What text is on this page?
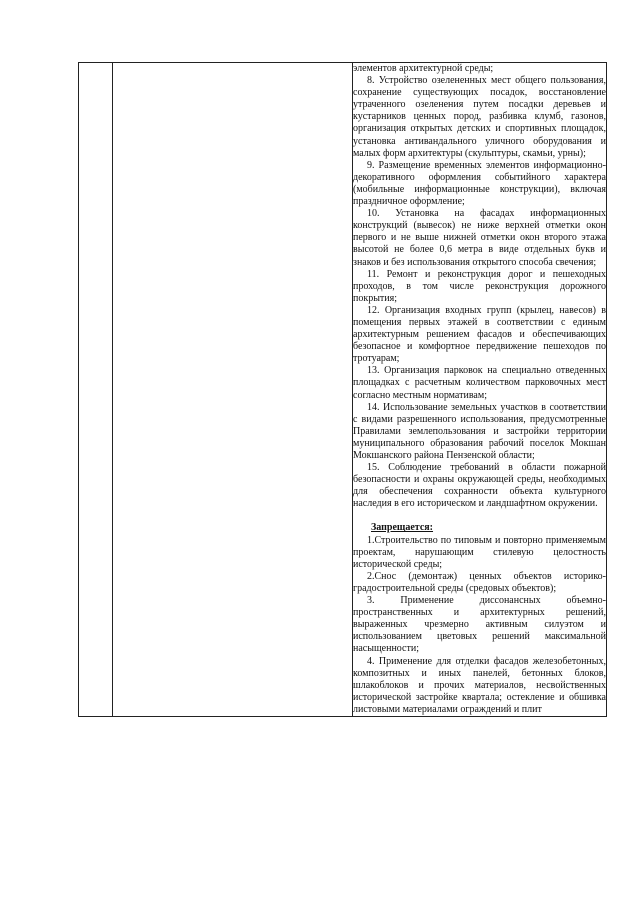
элементов архитектурной среды;

8. Устройство озелененных мест общего пользования, сохранение существующих посадок, восстановление утраченного озеленения путем посадки деревьев и кустарников ценных пород, разбивка клумб, газонов, организация открытых детских и спортивных площадок, установка антивандального уличного оборудования и малых форм архитектуры (скульптуры, скамьи, урны);

9. Размещение временных элементов информационно-декоративного оформления событийного характера (мобильные информационные конструкции), включая праздничное оформление;

10. Установка на фасадах информационных конструкций (вывесок) не ниже верхней отметки окон первого и не выше нижней отметки окон второго этажа высотой не более 0,6 метра в виде отдельных букв и знаков и без использования открытого способа свечения;

11. Ремонт и реконструкция дорог и пешеходных проходов, в том числе реконструкция дорожного покрытия;

12. Организация входных групп (крылец, навесов) в помещения первых этажей в соответствии с единым архитектурным решением фасадов и обеспечивающих безопасное и комфортное передвижение пешеходов по тротуарам;

13. Организация парковок на специально отведенных площадках с расчетным количеством парковочных мест согласно местным нормативам;

14. Использование земельных участков в соответствии с видами разрешенного использования, предусмотренные Правилами землепользования и застройки территории муниципального образования рабочий поселок Мокшан Мокшанского района Пензенской области;

15. Соблюдение требований в области пожарной безопасности и охраны окружающей среды, необходимых для обеспечения сохранности объекта культурного наследия в его историческом и ландшафтном окружении.

Запрещается:

1.Строительство по типовым и повторно применяемым проектам, нарушающим стилевую целостность исторической среды;

2.Снос (демонтаж) ценных объектов историко-градостроительной среды (средовых объектов);

3. Применение диссонансных объемно-пространственных и архитектурных решений, выраженных чрезмерно активным силуэтом и использованием цветовых решений максимальной насыщенности;

4. Применение для отделки фасадов железобетонных, композитных и иных панелей, бетонных блоков, шлакоблоков и прочих материалов, несвойственных исторической застройке квартала; остекление и обшивка листовыми материалами ограждений и плит
